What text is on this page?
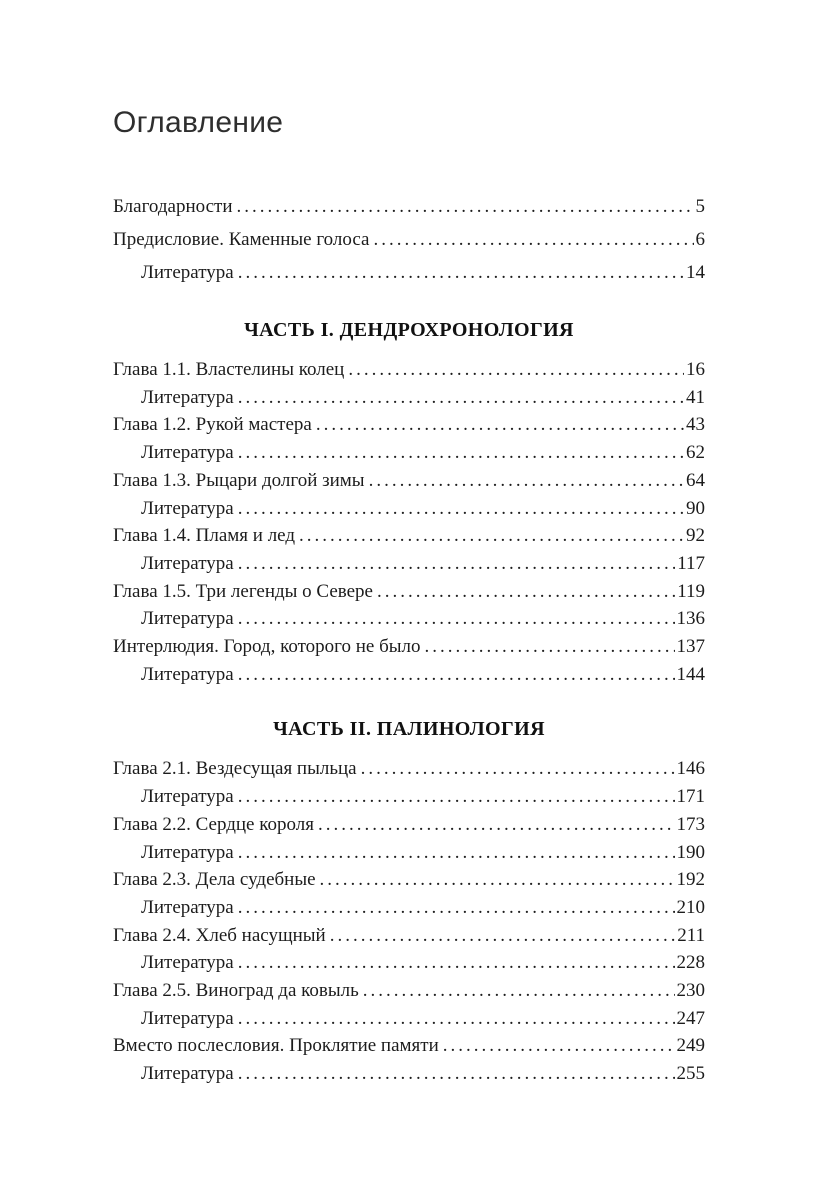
Оглавление
Благодарности .....	5
Предисловие. Каменные голоса .....	6
Литература .....	14
ЧАСТЬ I. ДЕНДРОХРОНОЛОГИЯ
Глава 1.1. Властелины колец .....	16
Литература .....	41
Глава 1.2. Рукой мастера .....	43
Литература .....	62
Глава 1.3. Рыцари долгой зимы .....	64
Литература .....	90
Глава 1.4. Пламя и лед .....	92
Литература .....	117
Глава 1.5. Три легенды о Севере .....	119
Литература .....	136
Интерлюдия. Город, которого не было .....	137
Литература .....	144
ЧАСТЬ II. ПАЛИНОЛОГИЯ
Глава 2.1. Вездесущая пыльца .....	146
Литература .....	171
Глава 2.2. Сердце короля .....	173
Литература .....	190
Глава 2.3. Дела судебные .....	192
Литература .....	210
Глава 2.4. Хлеб насущный .....	211
Литература .....	228
Глава 2.5. Виноград да ковыль .....	230
Литература .....	247
Вместо послесловия. Проклятие памяти .....	249
Литература .....	255
